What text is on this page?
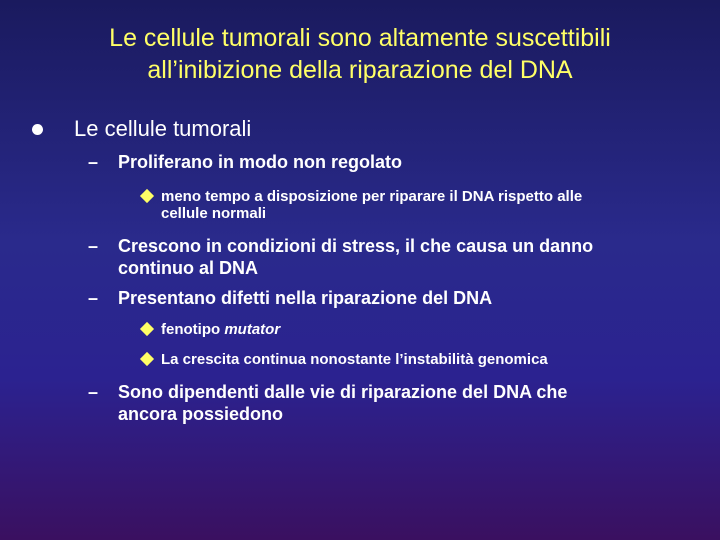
Le cellule tumorali sono altamente suscettibili
all’inibizione della riparazione del DNA
Le cellule tumorali
– Proliferano in modo non regolato
meno tempo a disposizione per riparare il DNA rispetto alle
cellule normali
– Crescono in condizioni di stress, il che causa un danno
continuo al DNA
– Presentano difetti nella riparazione del DNA
fenotipo mutator
La crescita continua nonostante l’instabilità genomica
– Sono dipendenti dalle vie di riparazione del DNA che
ancora possiedono
